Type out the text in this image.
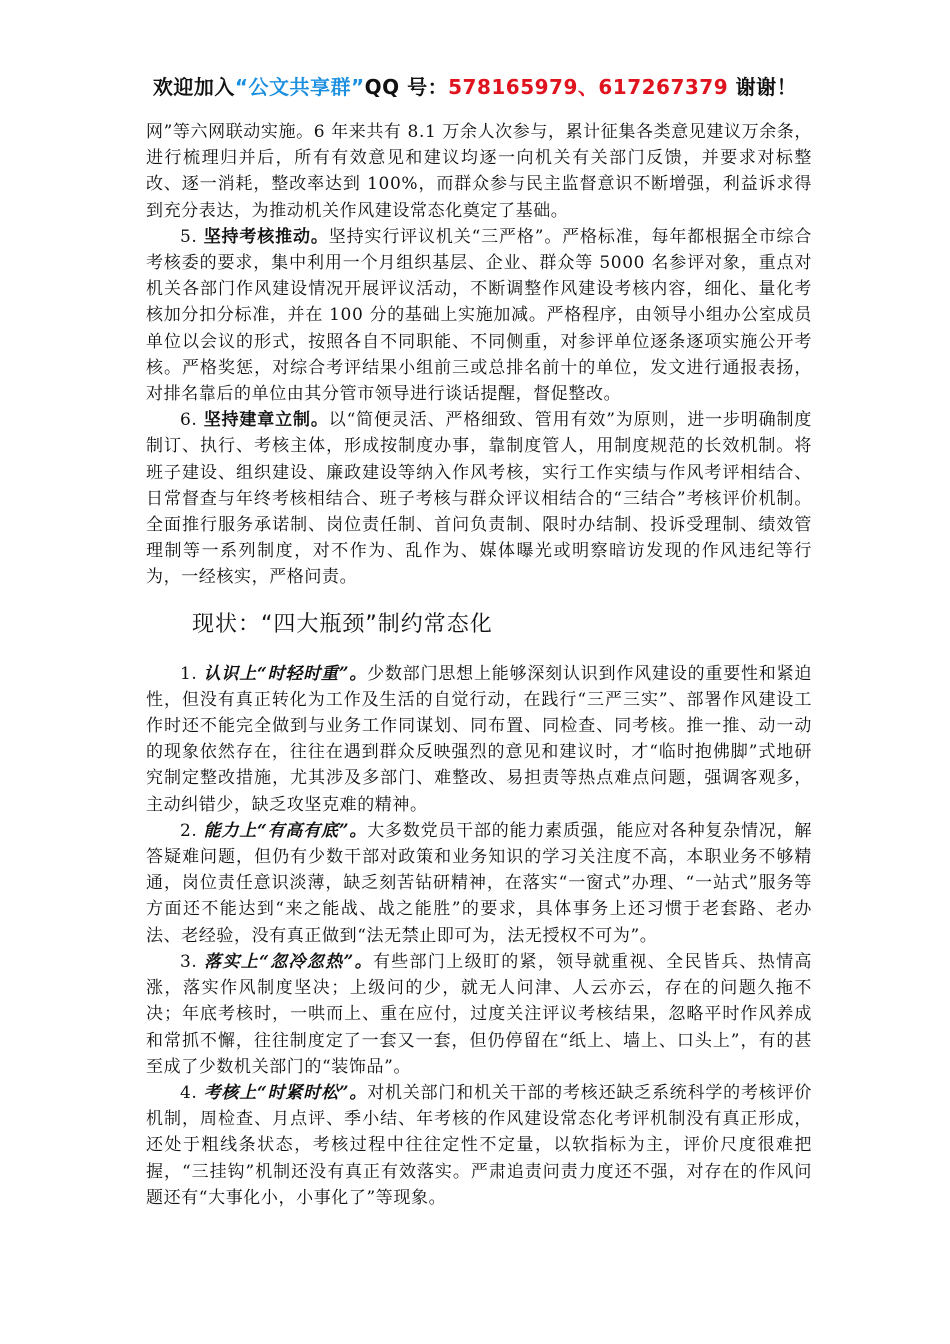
欢迎加入“公文共享群”QQ 号：578165979、617267379 谢谢！

网”等六网联动实施。6 年来共有 8.1 万余人次参与，累计征集各类意见建议万余条，进行梳理归并后，所有有效意见和建议均逐一向机关有关部门反馈，并要求对标整改、逐一消耗，整改率达到 100%，而群众参与民主监督意识不断增强，利益诉求得到充分表达，为推动机关作风建设常态化奠定了基础。

5. 坚持考核推动。坚持实行评议机关“三严格”。严格标准，每年都根据全市综合考核委的要求，集中利用一个月组织基层、企业、群众等 5000 名参评对象，重点对机关各部门作风建设情况开展评议活动，不断调整作风建设考核内容，细化、量化考核加分扣分标准，并在 100 分的基础上实施加减。严格程序，由领导小组办公室成员单位以会议的形式，按照各自不同职能、不同侧重，对参评单位逐条逐项实施公开考核。严格奖惩，对综合考评结果小组前三或总排名前十的单位，发文进行通报表扬，对排名靠后的单位由其分管市领导进行谈话提醒，督促整改。

6. 坚持建章立制。以“简便灵活、严格细致、管用有效”为原则，进一步明确制度制订、执行、考核主体，形成按制度办事，靠制度管人，用制度规范的长效机制。将班子建设、组织建设、廉政建设等纳入作风考核，实行工作实绩与作风考评相结合、日常督查与年终考核相结合、班子考核与群众评议相结合的“三结合”考核评价机制。全面推行服务承诺制、岗位责任制、首问负责制、限时办结制、投诉受理制、绩效管理制等一系列制度，对不作为、乱作为、媒体曝光或明察暗访发现的作风违纪等行为，一经核实，严格问责。

现状：“四大瓶颈”制约常态化

1. 认识上“时轻时重”。少数部门思想上能够深刻认识到作风建设的重要性和紧迫性，但没有真正转化为工作及生活的自觉行动，在践行“三严三实”、部署作风建设工作时还不能完全做到与业务工作同谋划、同布置、同检查、同考核。推一推、动一动的现象依然存在，往往在遇到群众反映强烈的意见和建议时，才“临时抱佛脚”式地研究制定整改措施，尤其涉及多部门、难整改、易担责等热点难点问题，强调客观多，主动纠错少，缺乏攻坚克难的精神。

2. 能力上“有高有底”。大多数党员干部的能力素质强，能应对各种复杂情况，解答疑难问题，但仍有少数干部对政策和业务知识的学习关注度不高，本职业务不够精通，岗位责任意识淡薄，缺乏刻苦钻研精神，在落实“一窗式”办理、“一站式”服务等方面还不能达到“来之能战、战之能胜”的要求，具体事务上还习惯于老套路、老办法、老经验，没有真正做到“法无禁止即可为，法无授权不可为”。

3. 落实上“忽冷忽热”。有些部门上级盯的紧，领导就重视、全民皆兵、热情高涨，落实作风制度坚决；上级问的少，就无人问津、人云亦云，存在的问题久拖不决；年底考核时，一哄而上、重在应付，过度关注评议考核结果，忽略平时作风养成和常抓不懈，往往制度定了一套又一套，但仍停留在“纸上、墙上、口头上”，有的甚至成了少数机关部门的“装饰品”。

4. 考核上“时紧时松”。对机关部门和机关干部的考核还缺乏系统科学的考核评价机制，周检查、月点评、季小结、年考核的作风建设常态化考评机制没有真正形成，还处于粗线条状态，考核过程中往往定性不定量，以软指标为主，评价尺度很难把握，“三挂钩”机制还没有真正有效落实。严肃追责问责力度还不强，对存在的作风问题还有“大事化小，小事化了”等现象。
